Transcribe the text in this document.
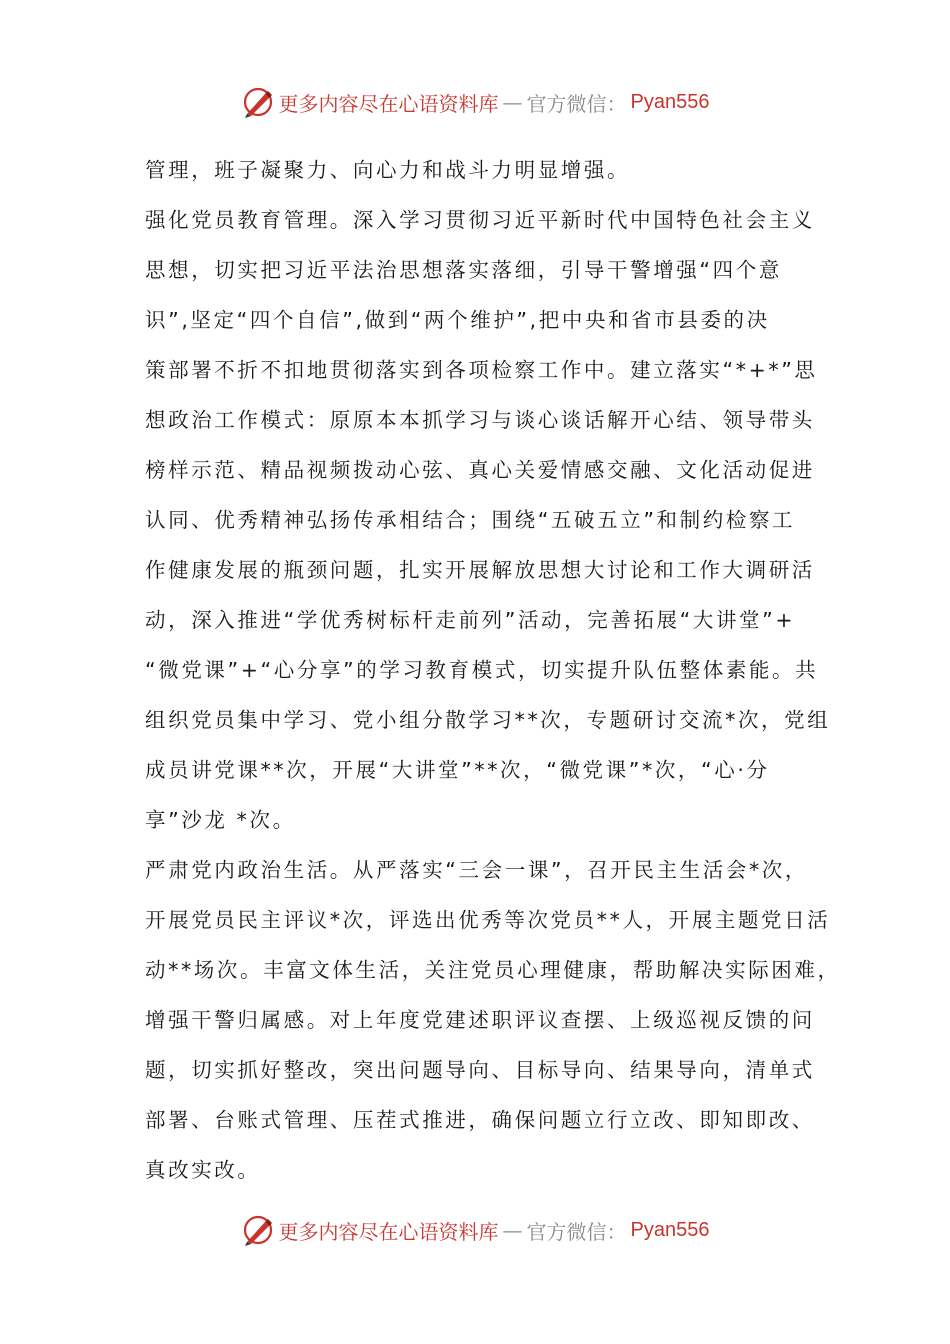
更多内容尽在心语资料库 — 官方微信： Pyan556
管理，班子凝聚力、向心力和战斗力明显增强。
强化党员教育管理。深入学习贯彻习近平新时代中国特色社会主义
思想，切实把习近平法治思想落实落细，引导干警增强“四个意
识”,坚定“四个自信”,做到“两个维护”,把中央和省市县委的决
策部署不折不扣地贯彻落实到各项检察工作中。建立落实“*+*”思
想政治工作模式：原原本本抓学习与谈心谈话解开心结、领导带头
榜样示范、精品视频拨动心弦、真心关爱情感交融、文化活动促进
认同、优秀精神弘扬传承相结合；围绕“五破五立”和制约检察工
作健康发展的瓶颈问题，扎实开展解放思想大讨论和工作大调研活
动，深入推进“学优秀树标杆走前列”活动，完善拓展“大讲堂”+
“微党课”+“心分享”的学习教育模式，切实提升队伍整体素能。共
组织党员集中学习、党小组分散学习**次，专题研讨交流*次，党组
成员讲党课**次，开展“大讲堂”**次，“微党课”*次，“心·分
享”沙龙 *次。
严肃党内政治生活。从严落实“三会一课”，召开民主生活会*次，
开展党员民主评议*次，评选出优秀等次党员**人，开展主题党日活
动**场次。丰富文体生活，关注党员心理健康，帮助解决实际困难，
增强干警归属感。对上年度党建述职评议查摆、上级巡视反馈的问
题，切实抓好整改，突出问题导向、目标导向、结果导向，清单式
部署、台账式管理、压茬式推进，确保问题立行立改、即知即改、
真改实改。
更多内容尽在心语资料库 — 官方微信： Pyan556
